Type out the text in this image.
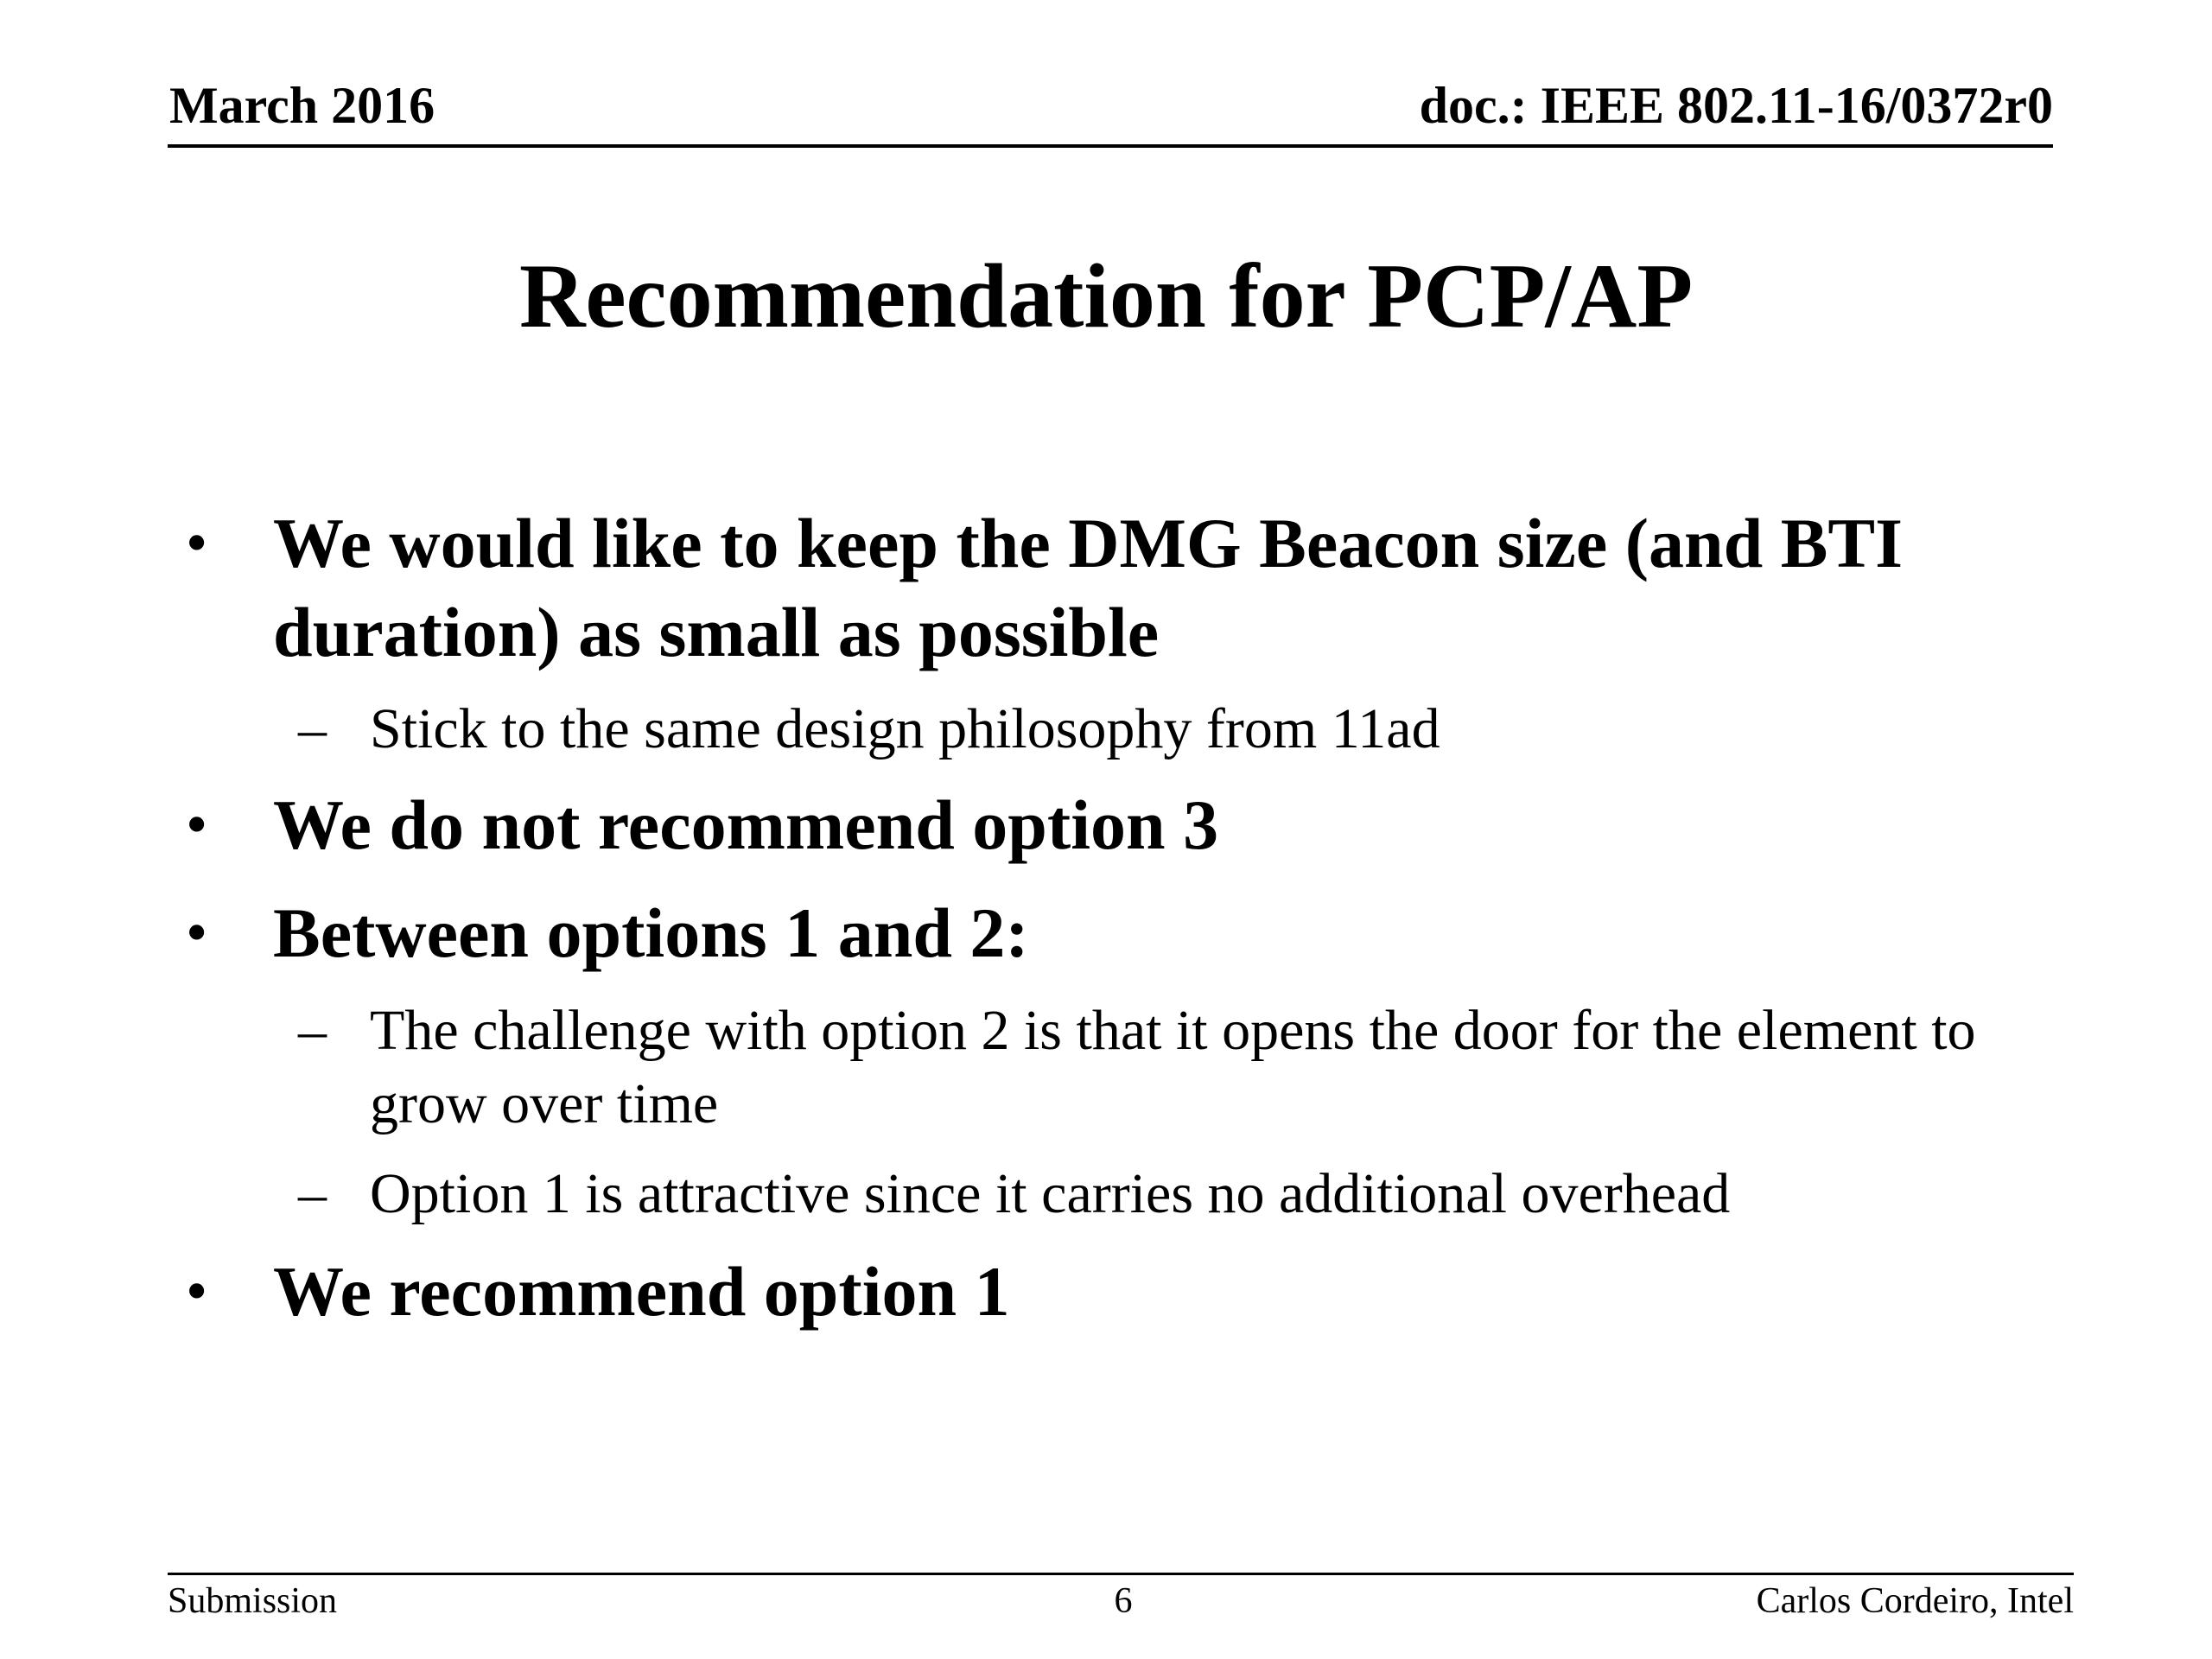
March 2016	doc.: IEEE 802.11-16/0372r0
Recommendation for PCP/AP
• We would like to keep the DMG Beacon size (and BTI duration) as small as possible
– Stick to the same design philosophy from 11ad
• We do not recommend option 3
• Between options 1 and 2:
– The challenge with option 2 is that it opens the door for the element to grow over time
– Option 1 is attractive since it carries no additional overhead
• We recommend option 1
Submission	6	Carlos Cordeiro, Intel
